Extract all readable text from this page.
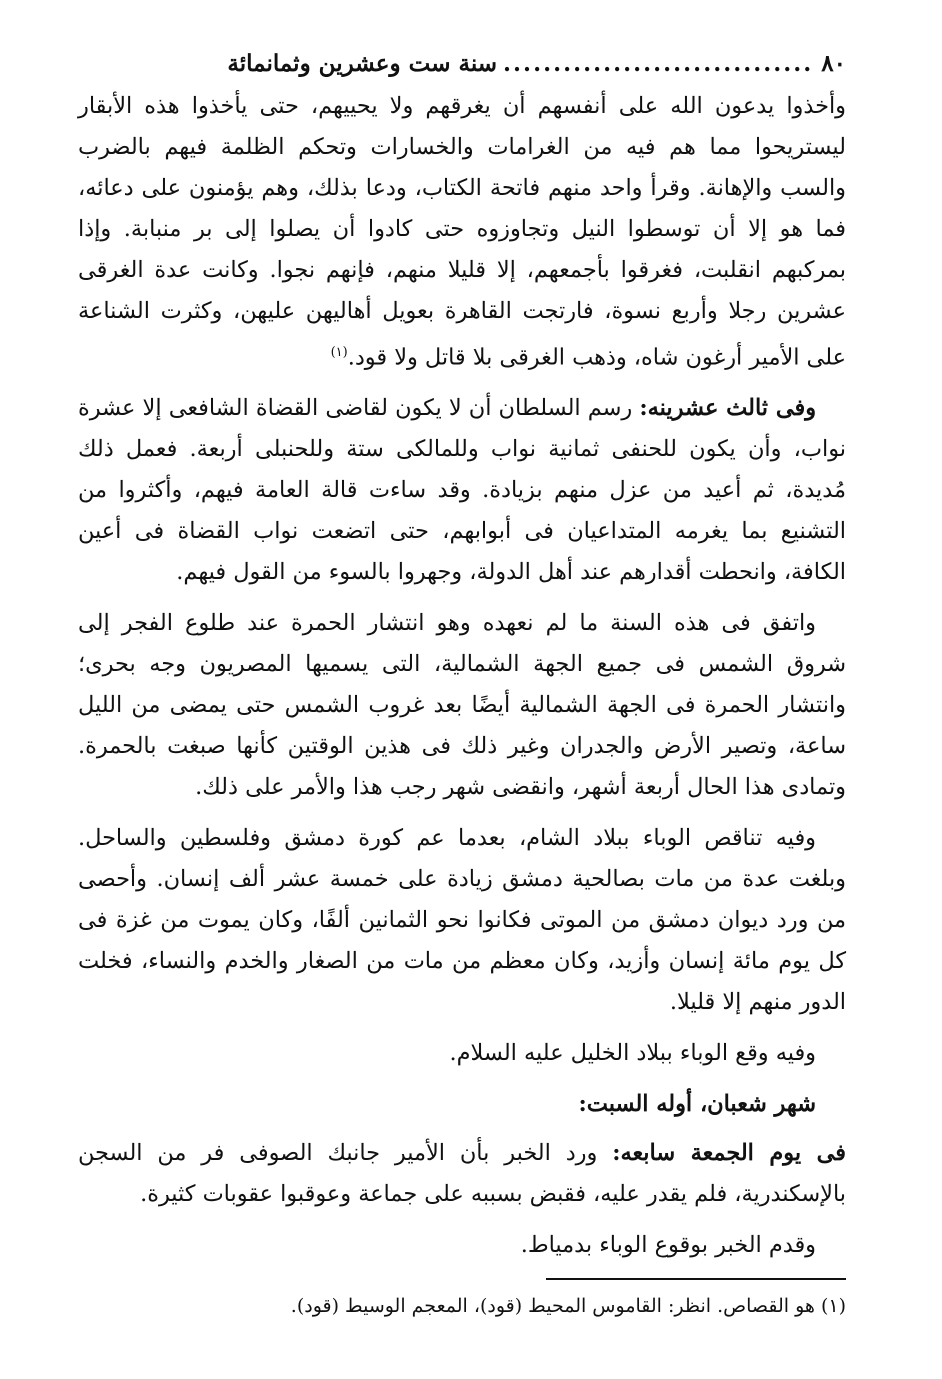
٨٠
...............................
سنة ست وعشرين وثمانمائة

وأخذوا يدعون الله على أنفسهم أن يغرقهم ولا يحييهم، حتى يأخذوا هذه الأبقار ليستريحوا مما هم فيه من الغرامات والخسارات وتحكم الظلمة فيهم بالضرب والسب والإهانة. وقرأ واحد منهم فاتحة الكتاب، ودعا بذلك، وهم يؤمنون على دعائه، فما هو إلا أن توسطوا النيل وتجاوزوه حتى كادوا أن يصلوا إلى بر منبابة. وإذا بمركبهم انقلبت، فغرقوا بأجمعهم، إلا قليلا منهم، فإنهم نجوا. وكانت عدة الغرقى عشرين رجلا وأربع نسوة، فارتجت القاهرة بعويل أهاليهن عليهن، وكثرت الشناعة على الأمير أرغون شاه، وذهب الغرقى بلا قاتل ولا قود.$^{(١)}$

وفى ثالث عشرينه: رسم السلطان أن لا يكون لقاضى القضاة الشافعى إلا عشرة نواب، وأن يكون للحنفى ثمانية نواب وللمالكى ستة وللحنبلى أربعة. فعمل ذلك مُديدة، ثم أعيد من عزل منهم بزيادة. وقد ساءت قالة العامة فيهم، وأكثروا من التشنيع بما يغرمه المتداعيان فى أبوابهم، حتى اتضعت نواب القضاة فى أعين الكافة، وانحطت أقدارهم عند أهل الدولة، وجهروا بالسوء من القول فيهم.

واتفق فى هذه السنة ما لم نعهده وهو انتشار الحمرة عند طلوع الفجر إلى شروق الشمس فى جميع الجهة الشمالية، التى يسميها المصريون وجه بحرى؛ وانتشار الحمرة فى الجهة الشمالية أيضًا بعد غروب الشمس حتى يمضى من الليل ساعة، وتصير الأرض والجدران وغير ذلك فى هذين الوقتين كأنها صبغت بالحمرة. وتمادى هذا الحال أربعة أشهر، وانقضى شهر رجب هذا والأمر على ذلك.

وفيه تناقص الوباء ببلاد الشام، بعدما عم كورة دمشق وفلسطين والساحل. وبلغت عدة من مات بصالحية دمشق زيادة على خمسة عشر ألف إنسان. وأحصى من ورد ديوان دمشق من الموتى فكانوا نحو الثمانين ألفًا، وكان يموت من غزة فى كل يوم مائة إنسان وأزيد، وكان معظم من مات من الصغار والخدم والنساء، فخلت الدور منهم إلا قليلا.

وفيه وقع الوباء ببلاد الخليل عليه السلام.

شهر شعبان، أوله السبت:

فى يوم الجمعة سابعه: ورد الخبر بأن الأمير جانبك الصوفى فر من السجن بالإسكندرية، فلم يقدر عليه، فقبض بسببه على جماعة وعوقبوا عقوبات كثيرة.

وقدم الخبر بوقوع الوباء بدمياط.

(١) هو القصاص. انظر: القاموس المحيط (قود)، المعجم الوسيط (قود).
